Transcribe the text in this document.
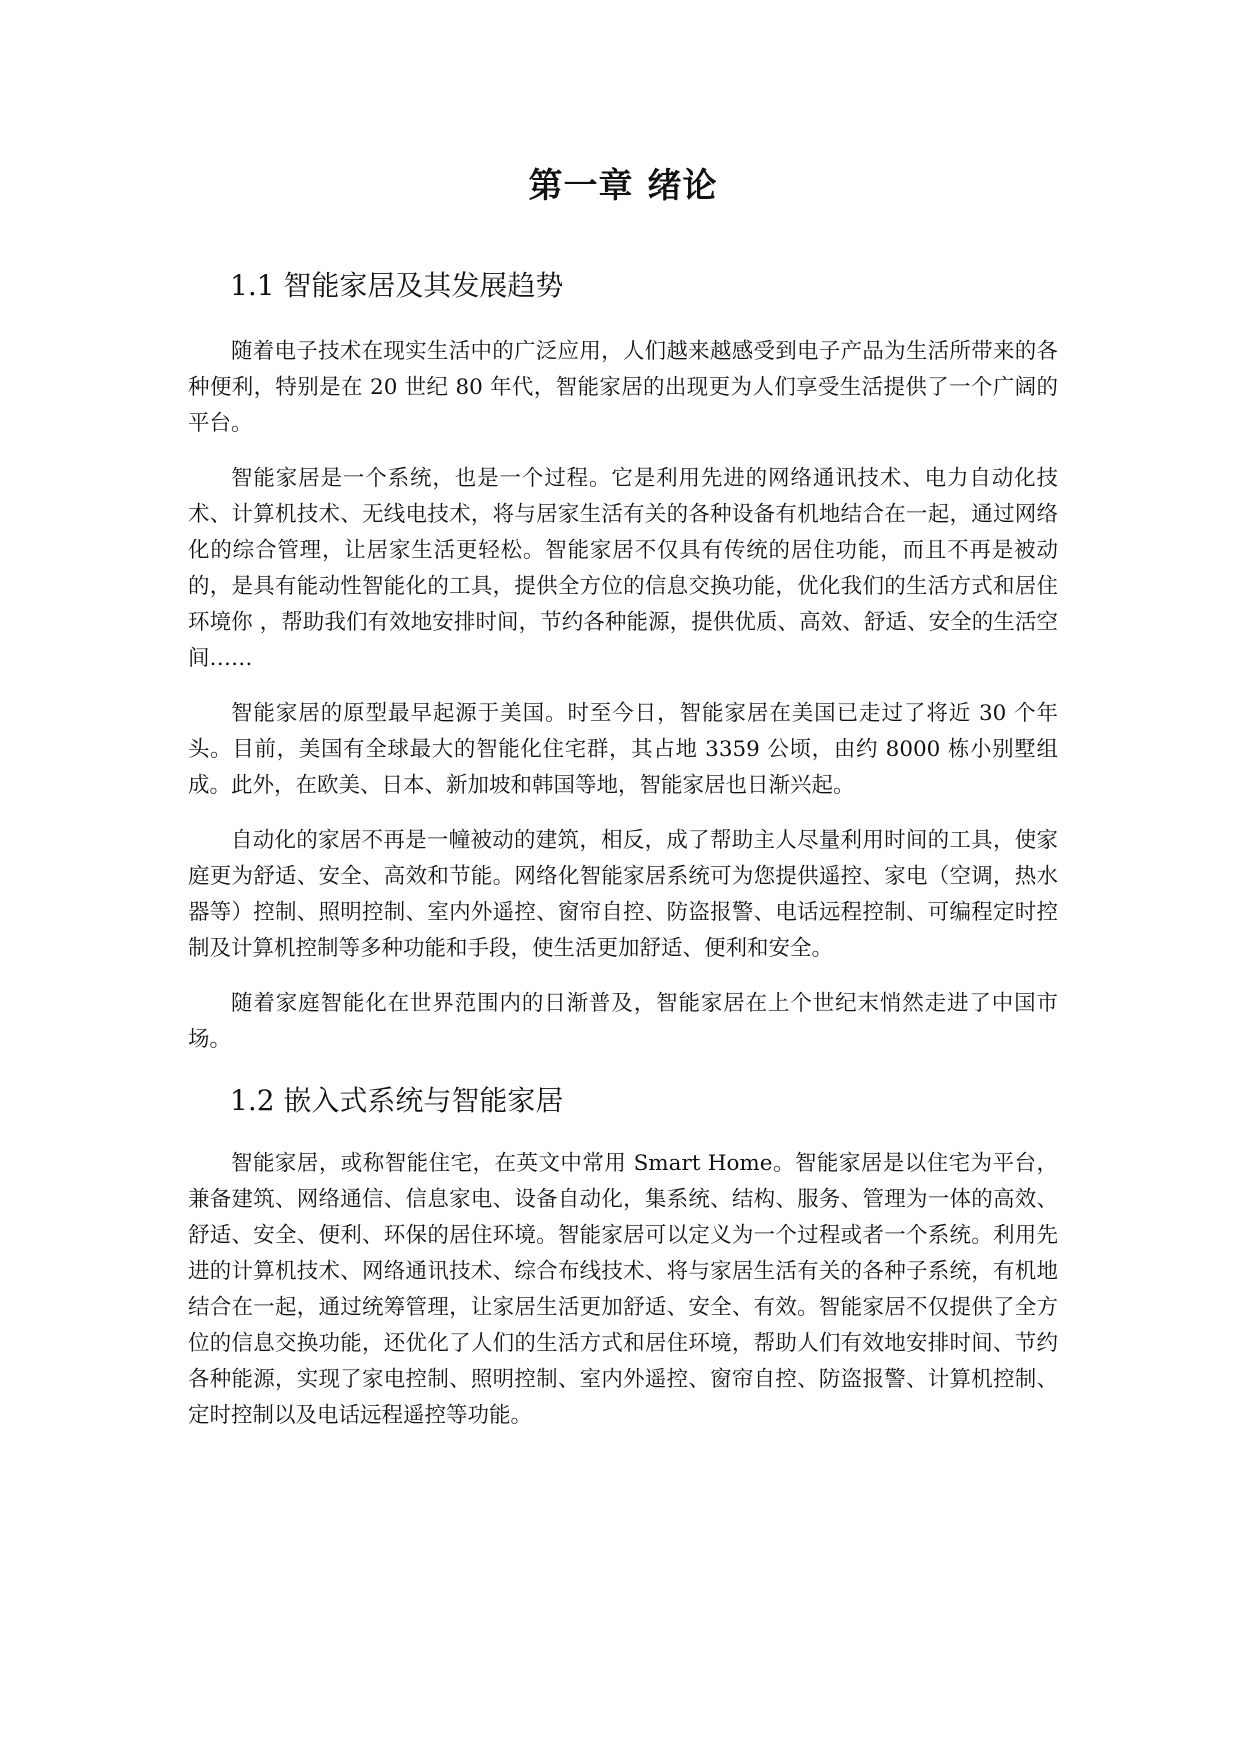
第一章 绪论
1.1 智能家居及其发展趋势

随着电子技术在现实生活中的广泛应用，人们越来越感受到电子产品为生活所带来的各种便利，特别是在 20 世纪 80 年代，智能家居的出现更为人们享受生活提供了一个广阔的平台。

智能家居是一个系统，也是一个过程。它是利用先进的网络通讯技术、电力自动化技术、计算机技术、无线电技术，将与居家生活有关的各种设备有机地结合在一起，通过网络化的综合管理，让居家生活更轻松。智能家居不仅具有传统的居住功能，而且不再是被动的，是具有能动性智能化的工具，提供全方位的信息交换功能，优化我们的生活方式和居住环境你 ，帮助我们有效地安排时间，节约各种能源，提供优质、高效、舒适、安全的生活空间……

智能家居的原型最早起源于美国。时至今日，智能家居在美国已走过了将近 30 个年头。目前，美国有全球最大的智能化住宅群，其占地 3359 公顷，由约 8000 栋小别墅组成。此外，在欧美、日本、新加坡和韩国等地，智能家居也日渐兴起。

自动化的家居不再是一幢被动的建筑，相反，成了帮助主人尽量利用时间的工具，使家庭更为舒适、安全、高效和节能。网络化智能家居系统可为您提供遥控、家电（空调，热水器等）控制、照明控制、室内外遥控、窗帘自控、防盗报警、电话远程控制、可编程定时控制及计算机控制等多种功能和手段，使生活更加舒适、便利和安全。

随着家庭智能化在世界范围内的日渐普及，智能家居在上个世纪末悄然走进了中国市场。

1.2 嵌入式系统与智能家居

智能家居，或称智能住宅，在英文中常用 Smart Home。智能家居是以住宅为平台，兼备建筑、网络通信、信息家电、设备自动化，集系统、结构、服务、管理为一体的高效、舒适、安全、便利、环保的居住环境。智能家居可以定义为一个过程或者一个系统。利用先进的计算机技术、网络通讯技术、综合布线技术、将与家居生活有关的各种子系统，有机地结合在一起，通过统筹管理，让家居生活更加舒适、安全、有效。智能家居不仅提供了全方位的信息交换功能，还优化了人们的生活方式和居住环境，帮助人们有效地安排时间、节约各种能源，实现了家电控制、照明控制、室内外遥控、窗帘自控、防盗报警、计算机控制、定时控制以及电话远程遥控等功能。
